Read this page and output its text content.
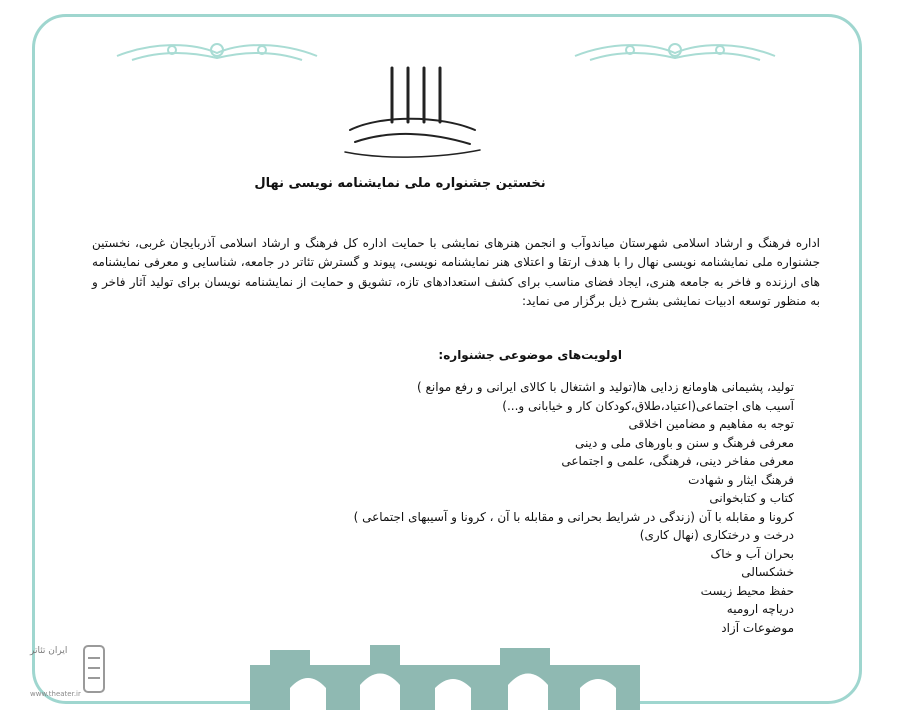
نخستین جشنواره ملی نمایشنامه نویسی نهال
اداره فرهنگ و ارشاد اسلامی شهرستان میاندوآب و انجمن هنرهای نمایشی با حمایت اداره کل فرهنگ و ارشاد اسلامی آذربایجان غربی، نخستین جشنواره ملی نمایشنامه نویسی نهال را با هدف ارتقا و اعتلای هنر نمایشنامه نویسی، پیوند و گسترش تئاتر در جامعه، شناسایی و معرفی نمایشنامه های ارزنده و فاخر به جامعه هنری، ایجاد فضای مناسب برای کشف استعدادهای تازه، تشویق و حمایت از نمایشنامه نویسان برای تولید آثار فاخر و به منظور توسعه ادبیات نمایشی بشرح ذیل برگزار می نماید:
اولویت‌های موضوعی جشنواره:
تولید، پشیمانی هاومانع زدایی ها(تولید و اشتغال با کالای ایرانی و رفع موانع )
آسیب های اجتماعی(اعتیاد،طلاق،کودکان کار و خیابانی و...)
توجه به مفاهیم و مضامین اخلاقی
معرفی فرهنگ و سنن و باورهای ملی و دینی
معرفی مفاخر دینی، فرهنگی، علمی و اجتماعی
فرهنگ ایثار و شهادت
کتاب و کتابخوانی
کرونا و مقابله با آن (زندگی در شرایط بحرانی و مقابله با آن ، کرونا و آسیبهای اجتماعی )
درخت و درختکاری (نهال کاری)
بحران آب و خاک
خشکسالی
حفظ محیط زیست
دریاچه ارومیه
موضوعات آزاد
ایران تئاتر
www.theater.ir
